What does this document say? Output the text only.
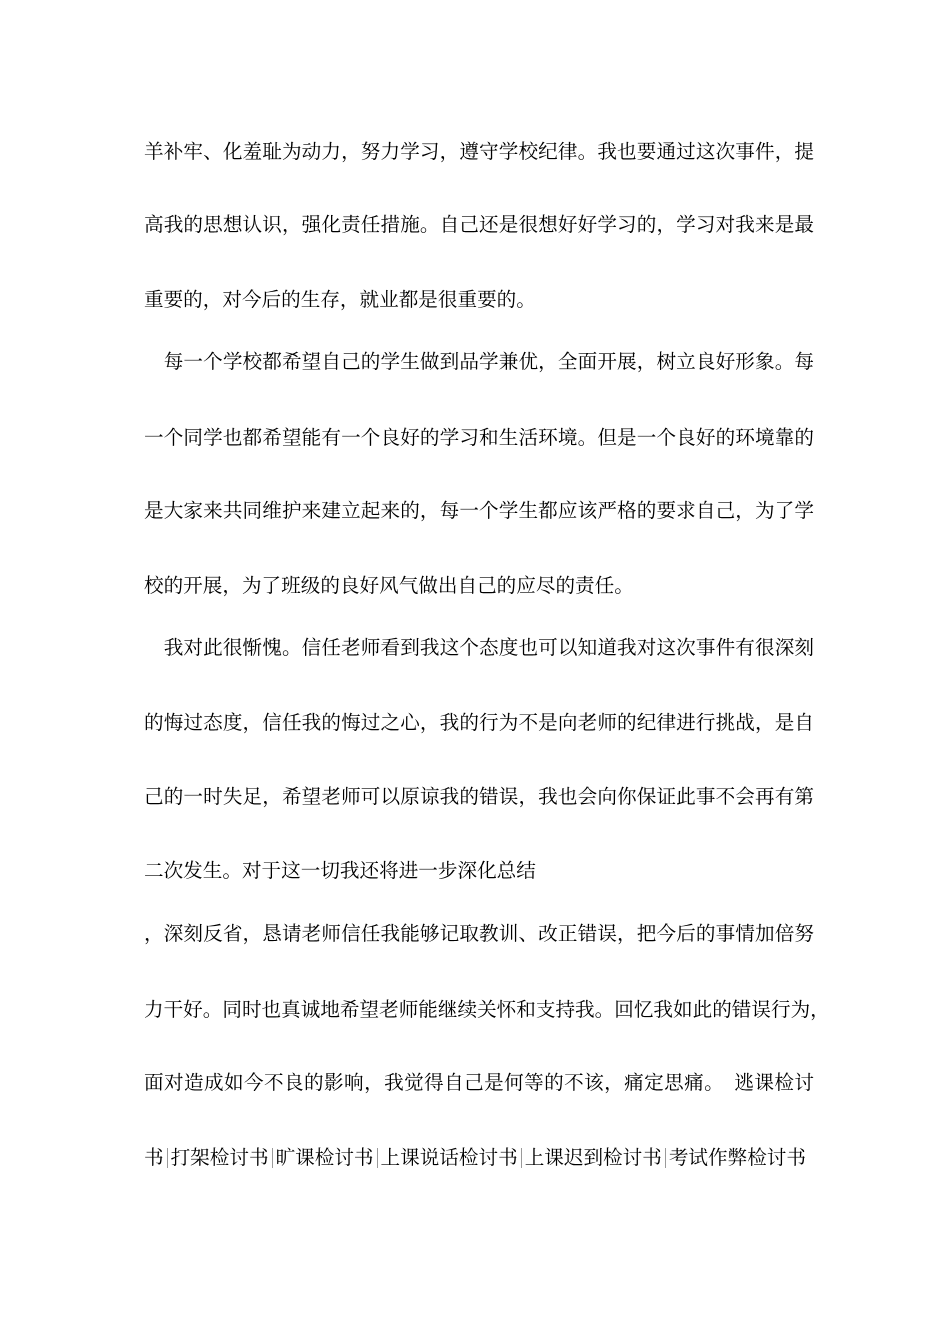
羊补牢、化羞耻为动力，努力学习，遵守学校纪律。我也要通过这次事件，提
高我的思想认识，强化责任措施。自己还是很想好好学习的，学习对我来是最
重要的，对今后的生存，就业都是很重要的。
　每一个学校都希望自己的学生做到品学兼优，全面开展，树立良好形象。每
一个同学也都希望能有一个良好的学习和生活环境。但是一个良好的环境靠的
是大家来共同维护来建立起来的，每一个学生都应该严格的要求自己，为了学
校的开展，为了班级的良好风气做出自己的应尽的责任。
　我对此很惭愧。信任老师看到我这个态度也可以知道我对这次事件有很深刻
的悔过态度，信任我的悔过之心，我的行为不是向老师的纪律进行挑战，是自
己的一时失足，希望老师可以原谅我的错误，我也会向你保证此事不会再有第
二次发生。对于这一切我还将进一步深化总结
，深刻反省，恳请老师信任我能够记取教训、改正错误，把今后的事情加倍努
力干好。同时也真诚地希望老师能继续关怀和支持我。回忆我如此的错误行为，
面对造成如今不良的影响，我觉得自己是何等的不该，痛定思痛。　逃课检讨
书 打架检讨书 旷课检讨书 上课说话检讨书 上课迟到检讨书 考试作弊检讨书
